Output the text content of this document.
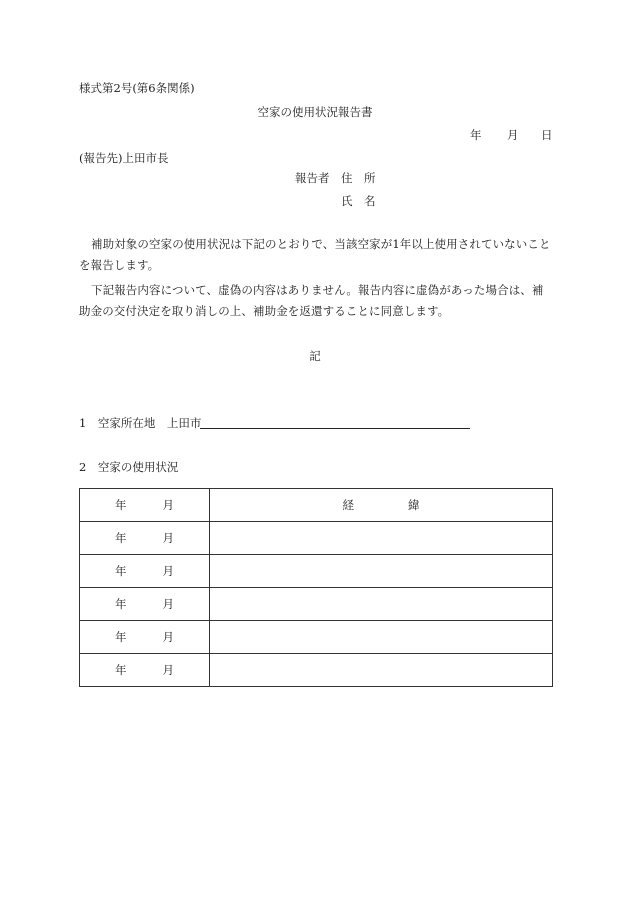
様式第2号(第6条関係)
空家の使用状況報告書
年 月 日
(報告先)上田市長
報告者　住　所
氏　名
補助対象の空家の使用状況は下記のとおりで、当該空家が1年以上使用されていないことを報告します。
下記報告内容について、虚偽の内容はありません。報告内容に虚偽があった場合は、補助金の交付決定を取り消しの上、補助金を返還することに同意します。
記
1　空家所在地　上田市
2　空家の使用状況
年 月	経 緯

年 月	

年 月	

年 月	

年 月	

年 月	
